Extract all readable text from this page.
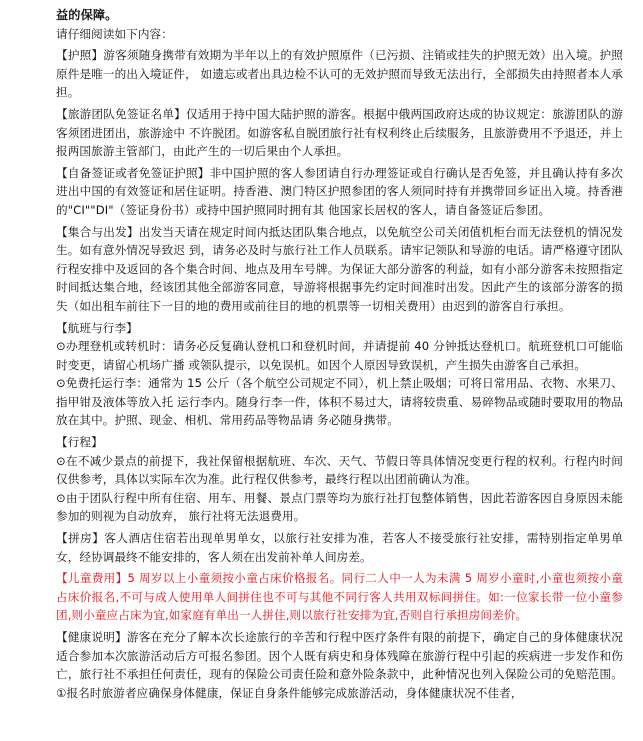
益的保障。

请仔细阅读如下内容：

【护照】游客须随身携带有效期为半年以上的有效护照原件（已污损、注销或挂失的护照无效）出入境。护照原件是唯一的出入境证件， 如遗忘或者出具边检不认可的无效护照而导致无法出行，全部损失由持照者本人承担。

【旅游团队免签证名单】仅适用于持中国大陆护照的游客。根据中俄两国政府达成的协议规定：旅游团队的游客须团进团出，旅游途中 不许脱团。如游客私自脱团旅行社有权利终止后续服务，且旅游费用不予退还，并上报两国旅游主管部门，由此产生的一切后果由个人承担。

【自备签证或者免签证护照】非中国护照的客人参团请自行办理签证或自行确认是否免签，并且确认持有多次进出中国的有效签证和居住证明。持香港、澳门特区护照参团的客人须同时持有并携带回乡证出入境。持香港的"CI""DI"（签证身份书）或持中国护照同时拥有其 他国家长居权的客人，请自备签证后参团。

【集合与出发】出发当天请在规定时间内抵达团队集合地点，以免航空公司关闭值机柜台而无法登机的情况发生。如有意外情况导致迟 到，请务必及时与旅行社工作人员联系。请牢记领队和导游的电话。请严格遵守团队行程安排中及返回的各个集合时间、地点及用车号牌。为保证大部分游客的利益，如有小部分游客未按照指定时间抵达集合地，经该团其他全部游客同意，导游将根据事先约定时间准时出发。因此产生的该部分游客的损失（如出租车前往下一目的地的费用或前往目的地的机票等一切相关费用）由迟到的游客自行承担。

【航班与行李】

⊙办理登机或转机时：请务必反复确认登机口和登机时间，并请提前 40 分钟抵达登机口。航班登机口可能临时变更，请留心机场广播 或领队提示，以免误机。如因个人原因导致误机，产生损失由游客自己承担。

⊙免费托运行李：通常为 15 公斤（各个航空公司规定不同），机上禁止吸烟；可将日常用品、衣物、水果刀、指甲钳及液体等放入托 运行李内。随身行李一件，体积不易过大，请将较贵重、易碎物品或随时要取用的物品放在其中。护照、现金、相机、常用药品等物品请 务必随身携带。

【行程】

⊙在不减少景点的前提下，我社保留根据航班、车次、天气、节假日等具体情况变更行程的权利。行程内时间仅供参考，具体以实际车次为准。此行程仅供参考，最终行程以出团前确认为准。

⊙由于团队行程中所有住宿、用车、用餐、景点门票等均为旅行社打包整体销售，因此若游客因自身原因未能参加的则视为自动放弃， 旅行社将无法退费用。

【拼房】客人酒店住宿若出现单男单女，以旅行社安排为准，若客人不接受旅行社安排，需特别指定单男单女，经协调最终不能安排的，客人须在出发前补单人间房差。

【儿童费用】5 周岁以上小童须按小童占床价格报名。同行二人中一人为未满 5 周岁小童时,小童也须按小童占床价报名,不可与成人使用单人间拼住也不可与其他不同行客人共用双标间拼住。如:一位家长带一位小童参团,则小童应占床为宜,如家庭有单出一人拼住,则以旅行社安排为宜,否则自行承担房间差价。

【健康说明】游客在充分了解本次长途旅行的辛苦和行程中医疗条件有限的前提下，确定自己的身体健康状况适合参加本次旅游活动后方可报名参团。因个人既有病史和身体残障在旅游行程中引起的疾病进一步发作和伤亡，旅行社不承担任何责任，现有的保险公司责任险和意外险条款中，此种情况也列入保险公司的免赔范围。①报名时旅游者应确保身体健康，保证自身条件能够完成旅游活动，身体健康状况不佳者，
